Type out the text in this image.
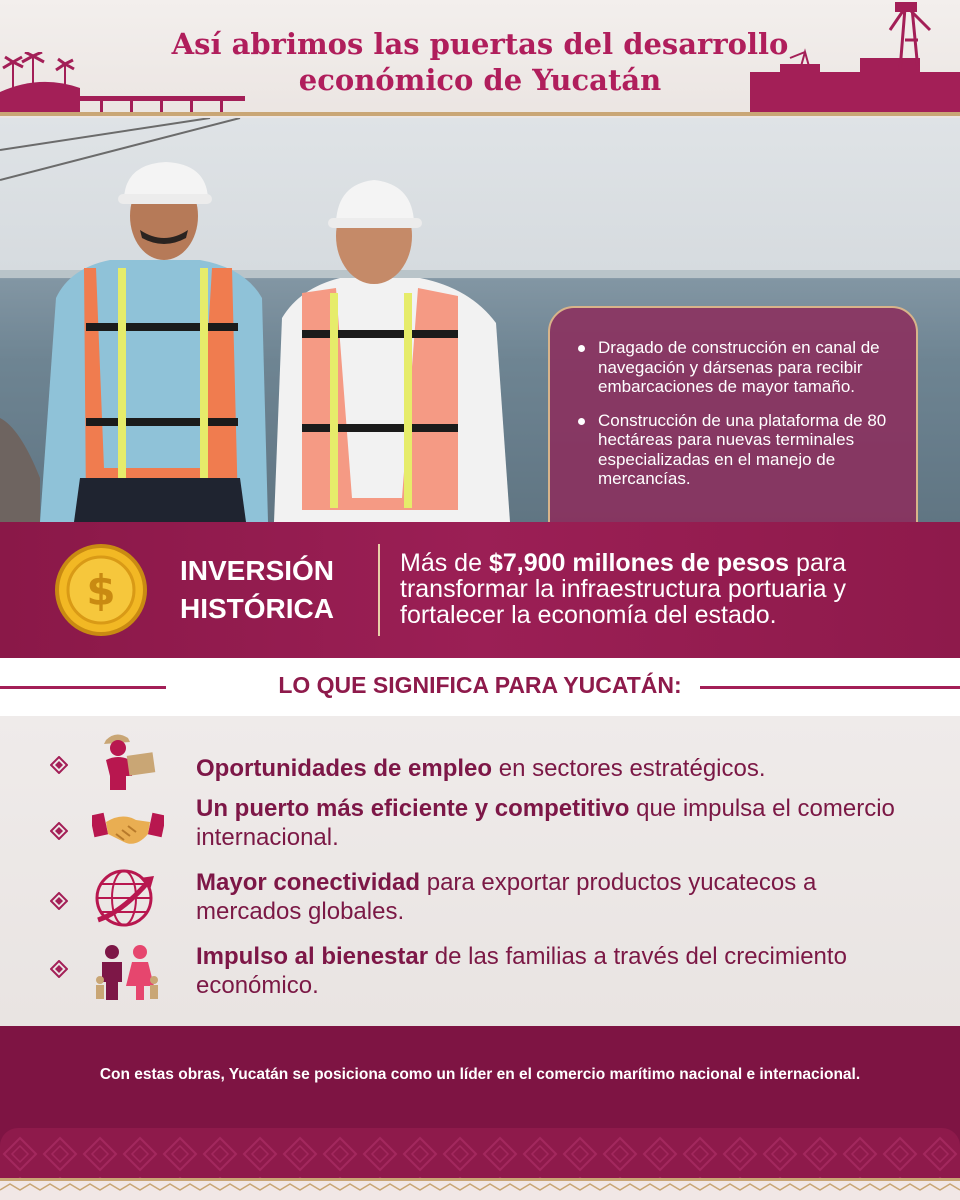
Así abrimos las puertas del desarrollo
económico de Yucatán
Dragado de construcción en canal de navegación y dársenas para recibir embarcaciones de mayor tamaño.
Construcción de una plataforma de 80 hectáreas para nuevas terminales especializadas en el manejo de mercancías.
$ INVERSIÓN
HISTÓRICA
Más de $7,900 millones de pesos para transformar la infraestructura portuaria y fortalecer la economía del estado.
LO QUE SIGNIFICA PARA YUCATÁN:
Oportunidades de empleo en sectores estratégicos.
Un puerto más eficiente y competitivo que impulsa el comercio internacional.
Mayor conectividad para exportar productos yucatecos a mercados globales.
Impulso al bienestar de las familias a través del crecimiento económico.
Con estas obras, Yucatán se posiciona como un líder en el comercio marítimo nacional e internacional.
